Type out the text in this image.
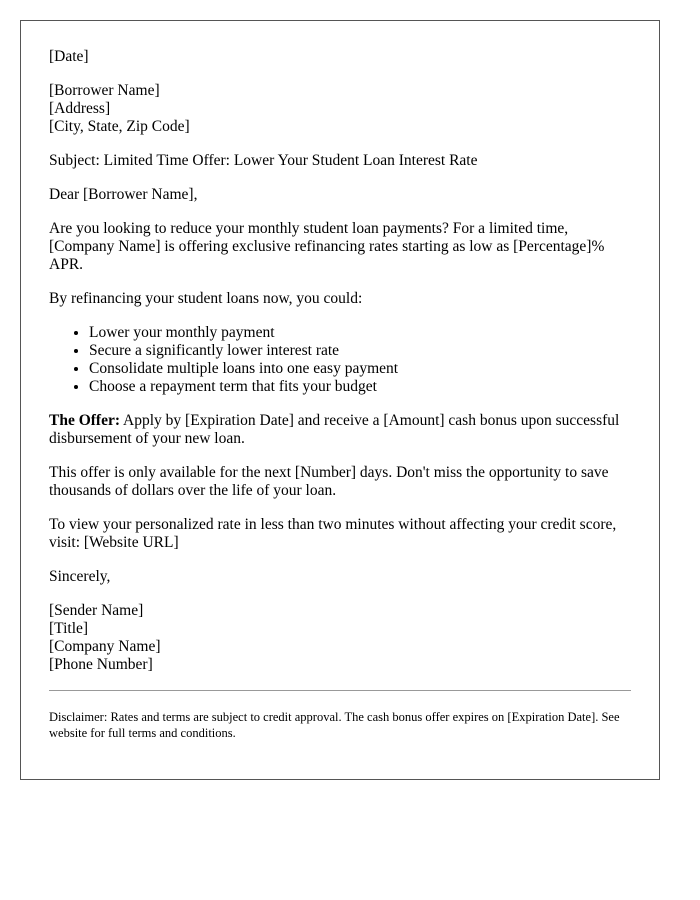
[Date]

[Borrower Name]
[Address]
[City, State, Zip Code]

Subject: Limited Time Offer: Lower Your Student Loan Interest Rate

Dear [Borrower Name],

Are you looking to reduce your monthly student loan payments? For a limited time, [Company Name] is offering exclusive refinancing rates starting as low as [Percentage]% APR.

By refinancing your student loans now, you could:

• Lower your monthly payment
• Secure a significantly lower interest rate
• Consolidate multiple loans into one easy payment
• Choose a repayment term that fits your budget

The Offer: Apply by [Expiration Date] and receive a [Amount] cash bonus upon successful disbursement of your new loan.

This offer is only available for the next [Number] days. Don't miss the opportunity to save thousands of dollars over the life of your loan.

To view your personalized rate in less than two minutes without affecting your credit score, visit: [Website URL]

Sincerely,

[Sender Name]
[Title]
[Company Name]
[Phone Number]

Disclaimer: Rates and terms are subject to credit approval. The cash bonus offer expires on [Expiration Date]. See website for full terms and conditions.
